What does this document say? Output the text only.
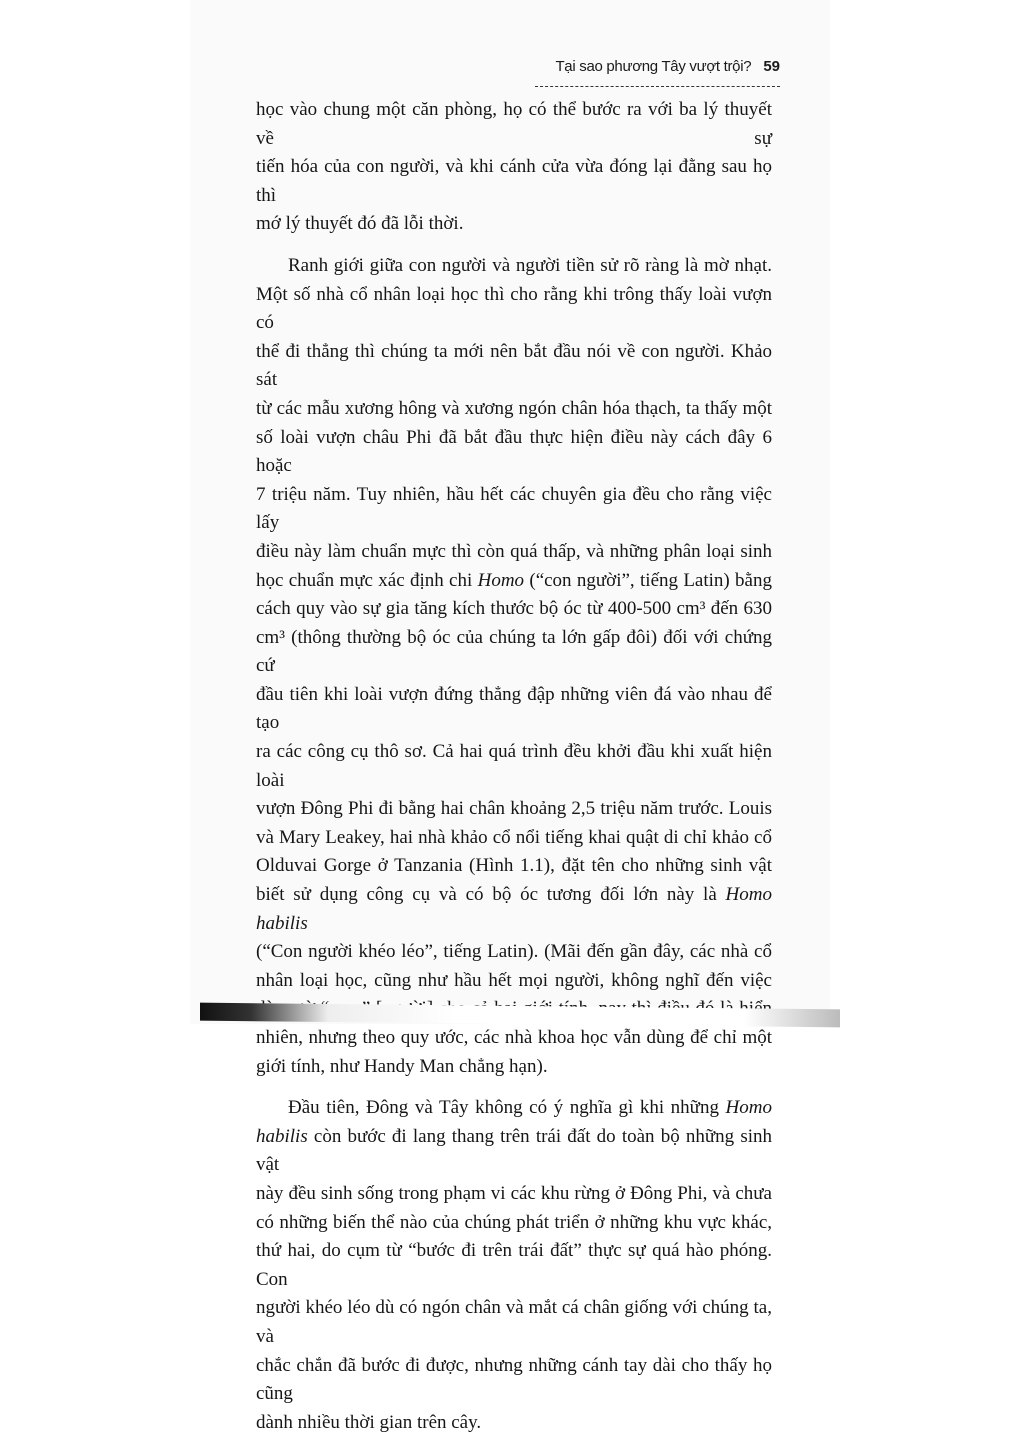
Tại sao phương Tây vượt trội? 59

học vào chung một căn phòng, họ có thể bước ra với ba lý thuyết về sự
tiến hóa của con người, và khi cánh cửa vừa đóng lại đằng sau họ thì
mớ lý thuyết đó đã lỗi thời.

Ranh giới giữa con người và người tiền sử rõ ràng là mờ nhạt.
Một số nhà cổ nhân loại học thì cho rằng khi trông thấy loài vượn có
thể đi thẳng thì chúng ta mới nên bắt đầu nói về con người. Khảo sát
từ các mẫu xương hông và xương ngón chân hóa thạch, ta thấy một
số loài vượn châu Phi đã bắt đầu thực hiện điều này cách đây 6 hoặc
7 triệu năm. Tuy nhiên, hầu hết các chuyên gia đều cho rằng việc lấy
điều này làm chuẩn mực thì còn quá thấp, và những phân loại sinh
học chuẩn mực xác định chi Homo (“con người”, tiếng Latin) bằng
cách quy vào sự gia tăng kích thước bộ óc từ 400-500 cm³ đến 630
cm³ (thông thường bộ óc của chúng ta lớn gấp đôi) đối với chứng cứ
đầu tiên khi loài vượn đứng thẳng đập những viên đá vào nhau để tạo
ra các công cụ thô sơ. Cả hai quá trình đều khởi đầu khi xuất hiện loài
vượn Đông Phi đi bằng hai chân khoảng 2,5 triệu năm trước. Louis
và Mary Leakey, hai nhà khảo cổ nổi tiếng khai quật di chỉ khảo cổ
Olduvai Gorge ở Tanzania (Hình 1.1), đặt tên cho những sinh vật
biết sử dụng công cụ và có bộ óc tương đối lớn này là Homo habilis
(“Con người khéo léo”, tiếng Latin). (Mãi đến gần đây, các nhà cổ
nhân loại học, cũng như hầu hết mọi người, không nghĩ đến việc
nhiên, nhưng theo quy ước, các nhà khoa học vẫn dùng để chỉ một
giới tính, như Handy Man chẳng hạn).

Đầu tiên, Đông và Tây không có ý nghĩa gì khi những Homo
habilis còn bước đi lang thang trên trái đất do toàn bộ những sinh vật
này đều sinh sống trong phạm vi các khu rừng ở Đông Phi, và chưa
có những biến thể nào của chúng phát triển ở những khu vực khác,
thứ hai, do cụm từ “bước đi trên trái đất” thực sự quá hào phóng. Con
người khéo léo dù có ngón chân và mắt cá chân giống với chúng ta, và
chắc chắn đã bước đi được, nhưng những cánh tay dài cho thấy họ cũng
dành nhiều thời gian trên cây.
